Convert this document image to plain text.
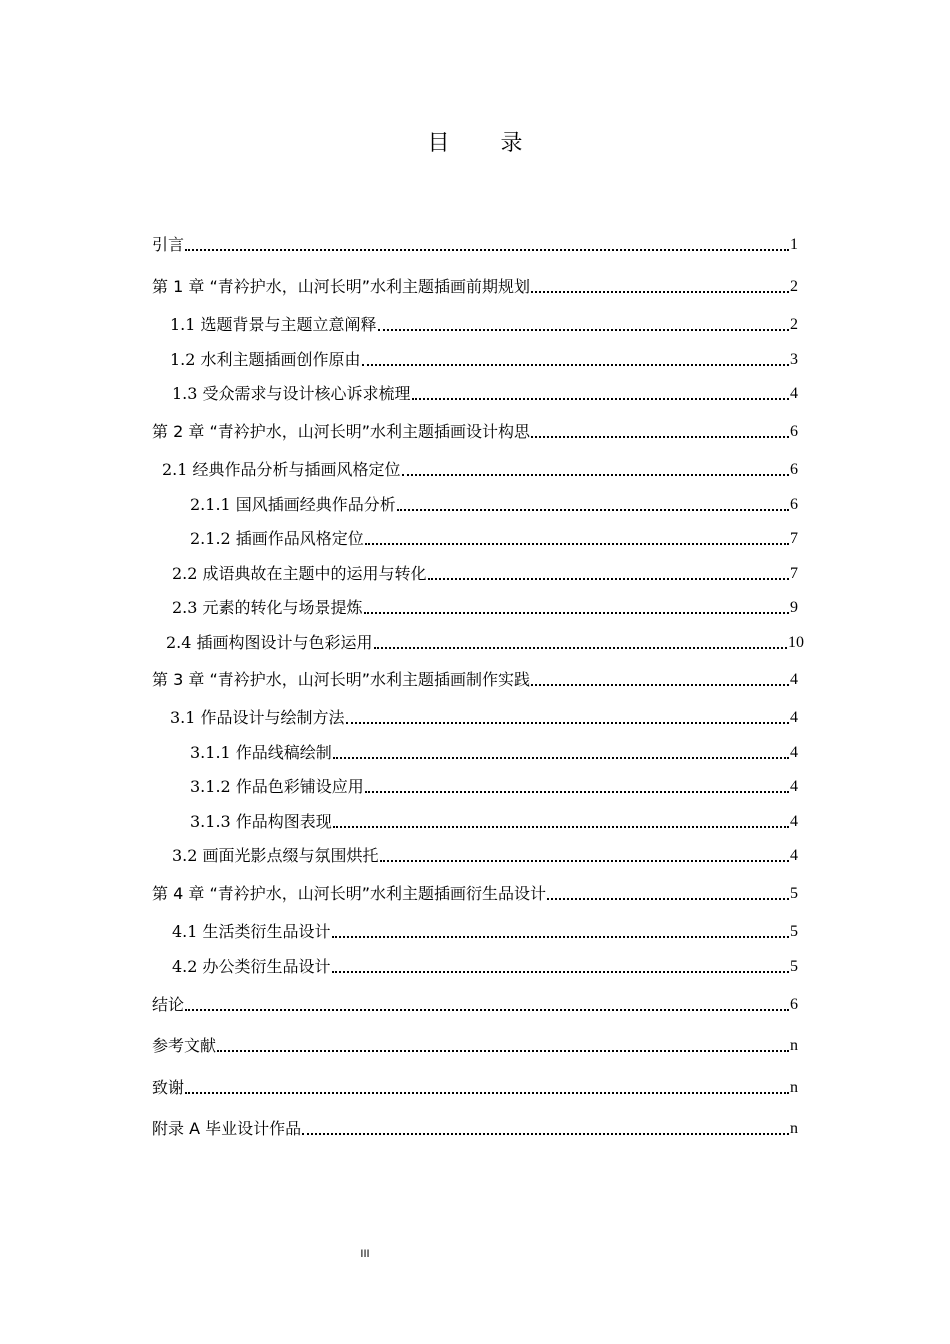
目 录
引言	1
第 1 章 “青衿护水，山河长明”水利主题插画前期规划	2
1.1 选题背景与主题立意阐释	2
1.2 水利主题插画创作原由	3
1.3 受众需求与设计核心诉求梳理	4
第 2 章 “青衿护水，山河长明”水利主题插画设计构思	6
2.1 经典作品分析与插画风格定位	6
2.1.1 国风插画经典作品分析	6
2.1.2 插画作品风格定位	7
2.2 成语典故在主题中的运用与转化	7
2.3 元素的转化与场景提炼	9
2.4 插画构图设计与色彩运用	10
第 3 章 “青衿护水，山河长明”水利主题插画制作实践	4
3.1 作品设计与绘制方法	4
3.1.1 作品线稿绘制	4
3.1.2 作品色彩铺设应用	4
3.1.3 作品构图表现	4
3.2 画面光影点缀与氛围烘托	4
第 4 章 “青衿护水，山河长明”水利主题插画衍生品设计	5
4.1 生活类衍生品设计	5
4.2 办公类衍生品设计	5
结论	6
参考文献	n
致谢	n
附录 A 毕业设计作品	n
III
